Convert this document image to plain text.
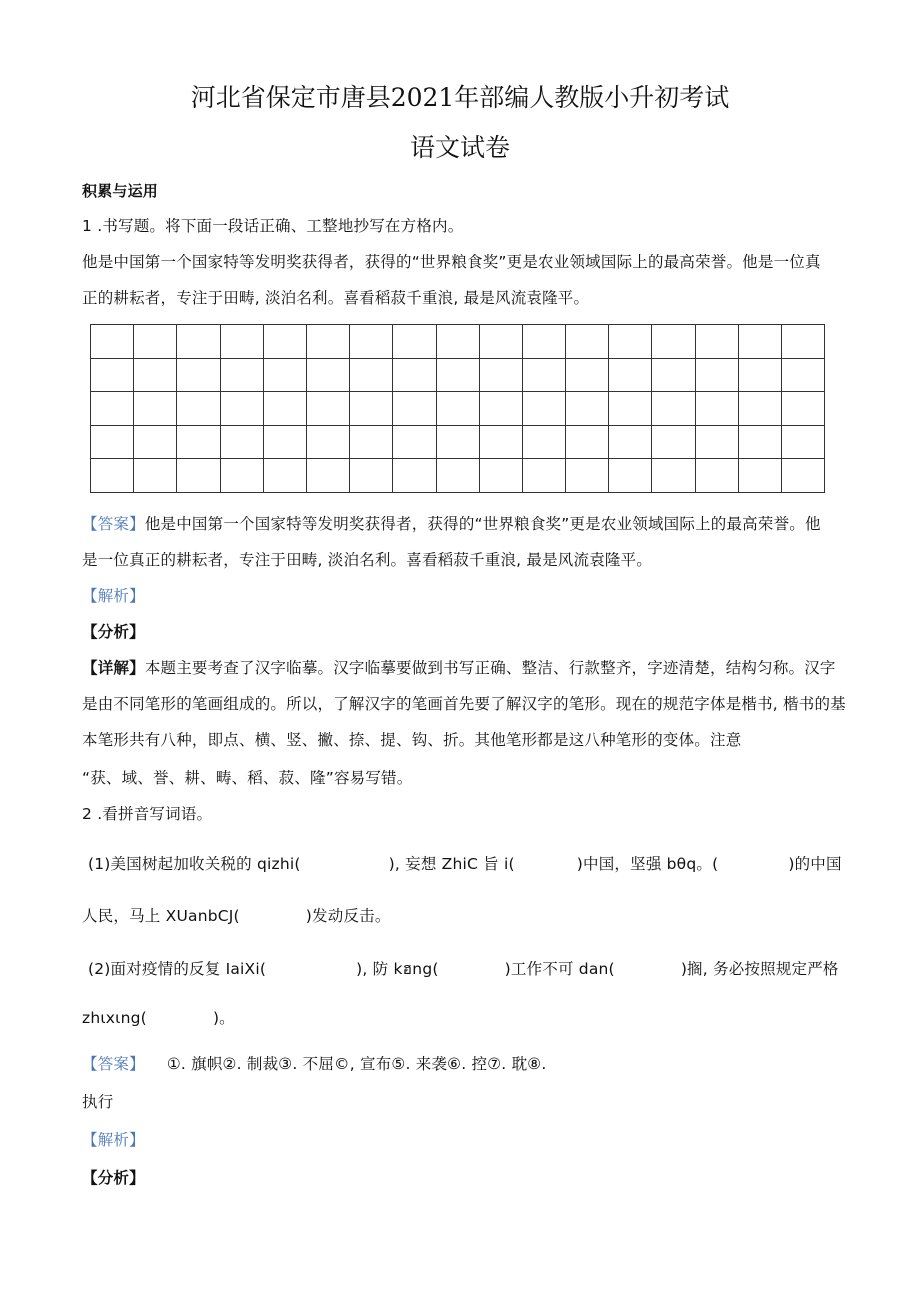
河北省保定市唐县2021年部编人教版小升初考试
语文试卷
积累与运用
1 .书写题。将下面一段话正确、工整地抄写在方格内。
他是中国第一个国家特等发明奖获得者，获得的“世界粮食奖”更是农业领域国际上的最高荣誉。他是一位真
正的耕耘者，专注于田畴, 淡泊名利。喜看稻菽千重浪, 最是风流袁隆平。

【答案】他是中国第一个国家特等发明奖获得者，获得的“世界粮食奖”更是农业领域国际上的最高荣誉。他
是一位真正的耕耘者，专注于田畴, 淡泊名利。喜看稻菽千重浪, 最是风流袁隆平。
【解析】
【分析】
【详解】本题主要考查了汉字临摹。汉字临摹要做到书写正确、整洁、行款整齐，字迹清楚，结构匀称。汉字
是由不同笔形的笔画组成的。所以，了解汉字的笔画首先要了解汉字的笔形。现在的规范字体是楷书, 楷书的基
本笔形共有八种，即点、横、竖、撇、捺、提、钩、折。其他笔形都是这八种笔形的变体。注意
“获、域、誉、耕、畴、稻、菽、隆”容易写错。
2 .看拼音写词语。
(1)美国树起加收关税的 qizhi(	), 妄想 ZhiC 旨 i(	)中国，坚强 bθq。(	)的中国
人民，马上 XUanbCJ(	)发动反击。
(2)面对疫情的反复 IaiXi(	), 防 kฮng(	)工作不可 dan(	)搁, 务必按照规定严格
zhιxιng(	)。
【答案】 ①. 旗帜②. 制裁③. 不屈©, 宣布⑤. 来袭⑥. 控⑦. 耽⑧.
执行
【解析】
【分析】
